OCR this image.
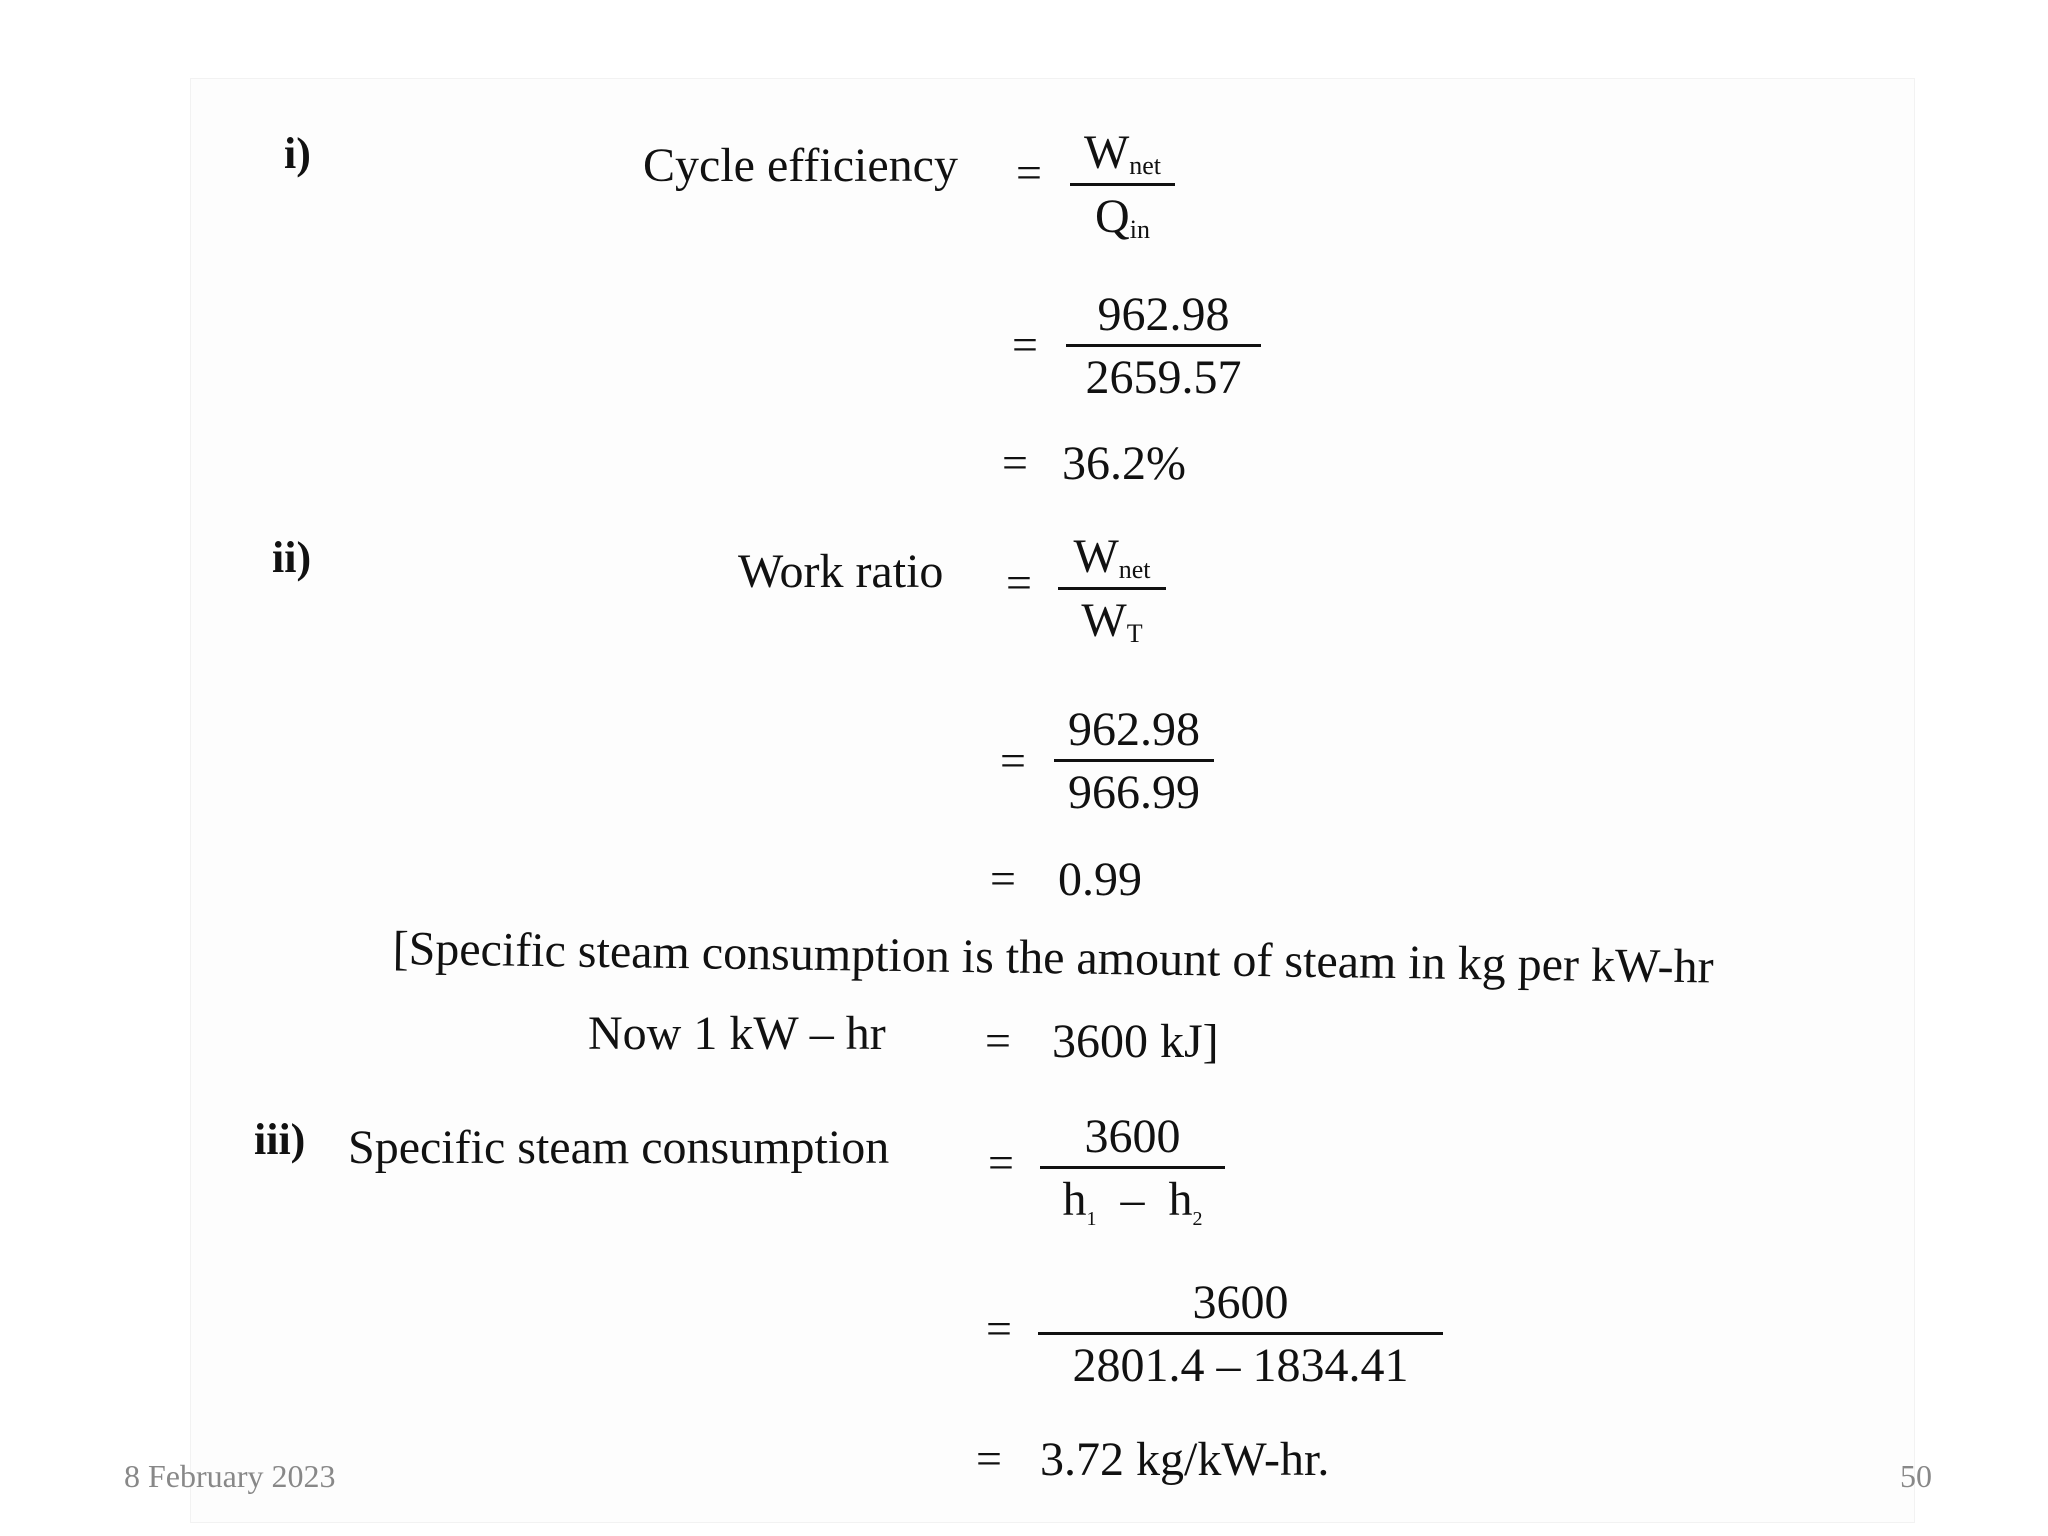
i)	Cycle efficiency = $W_{net}$
$Q_{in}$
=
962.98
2659.57
= 36.2%
ii)	Work ratio = $W_{net}$
$W_T$
=
962.98
966.99
= 0.99
[Specific steam consumption is the amount of steam in kg per kW-hr
Now 1 kW – hr = 3600 kJ]
iii) Specific steam consumption =	3600
$h_1 - h_2$
=	3600
2801.4 – 1834.41
= 3.72 kg/kW-hr.
8 February 2023	50
